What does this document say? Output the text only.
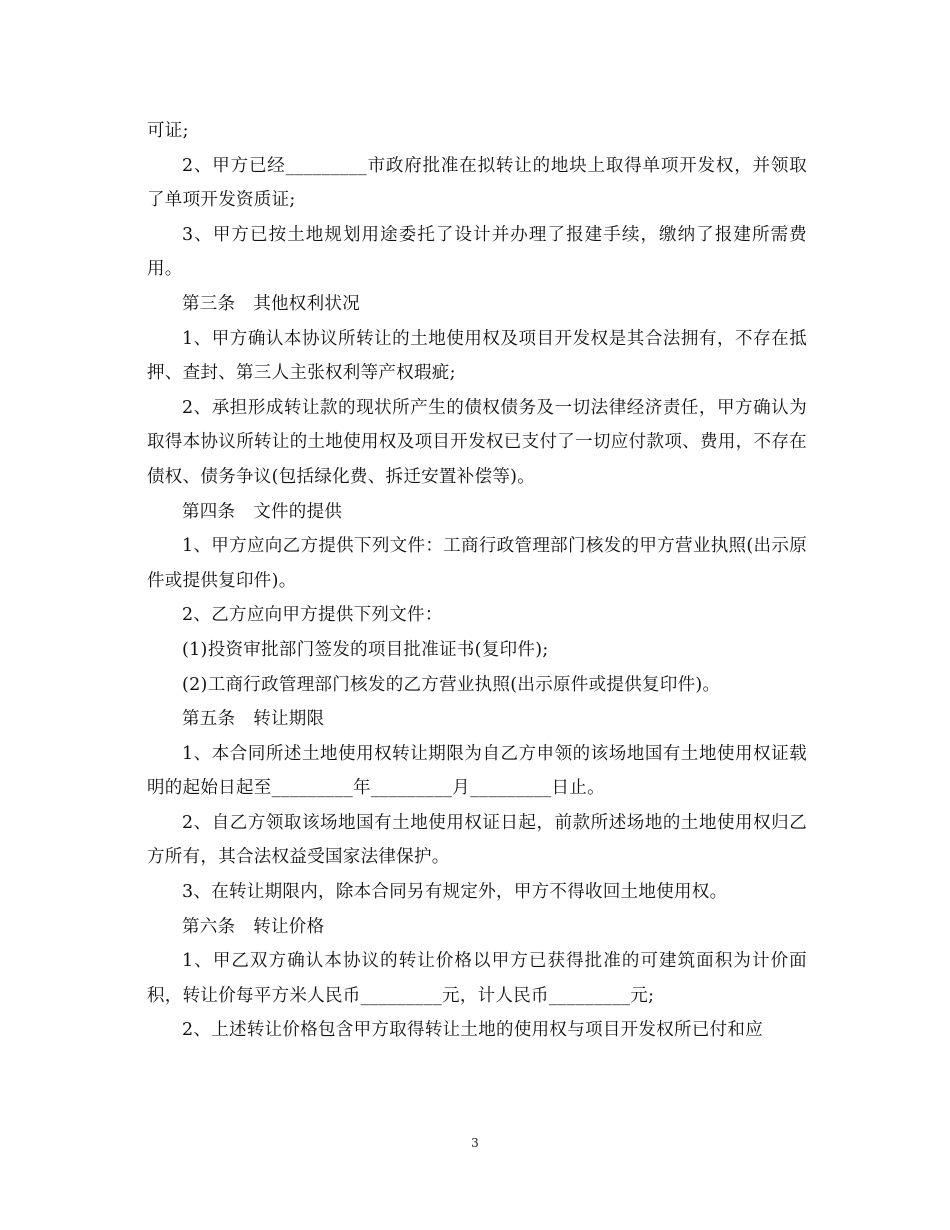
可证;

2、甲方已经_________市政府批准在拟转让的地块上取得单项开发权，并领取了单项开发资质证;

3、甲方已按土地规划用途委托了设计并办理了报建手续，缴纳了报建所需费用。

第三条　其他权利状况

1、甲方确认本协议所转让的土地使用权及项目开发权是其合法拥有，不存在抵押、查封、第三人主张权利等产权瑕疵;

2、承担形成转让款的现状所产生的债权债务及一切法律经济责任，甲方确认为取得本协议所转让的土地使用权及项目开发权已支付了一切应付款项、费用，不存在债权、债务争议(包括绿化费、拆迁安置补偿等)。

第四条　文件的提供

1、甲方应向乙方提供下列文件：工商行政管理部门核发的甲方营业执照(出示原件或提供复印件)。

2、乙方应向甲方提供下列文件：

(1)投资审批部门签发的项目批准证书(复印件);

(2)工商行政管理部门核发的乙方营业执照(出示原件或提供复印件)。

第五条　转让期限

1、本合同所述土地使用权转让期限为自乙方申领的该场地国有土地使用权证载明的起始日起至_________年_________月_________日止。

2、自乙方领取该场地国有土地使用权证日起，前款所述场地的土地使用权归乙方所有，其合法权益受国家法律保护。

3、在转让期限内，除本合同另有规定外，甲方不得收回土地使用权。

第六条　转让价格

1、甲乙双方确认本协议的转让价格以甲方已获得批准的可建筑面积为计价面积，转让价每平方米人民币_________元，计人民币_________元;

2、上述转让价格包含甲方取得转让土地的使用权与项目开发权所已付和应

3
